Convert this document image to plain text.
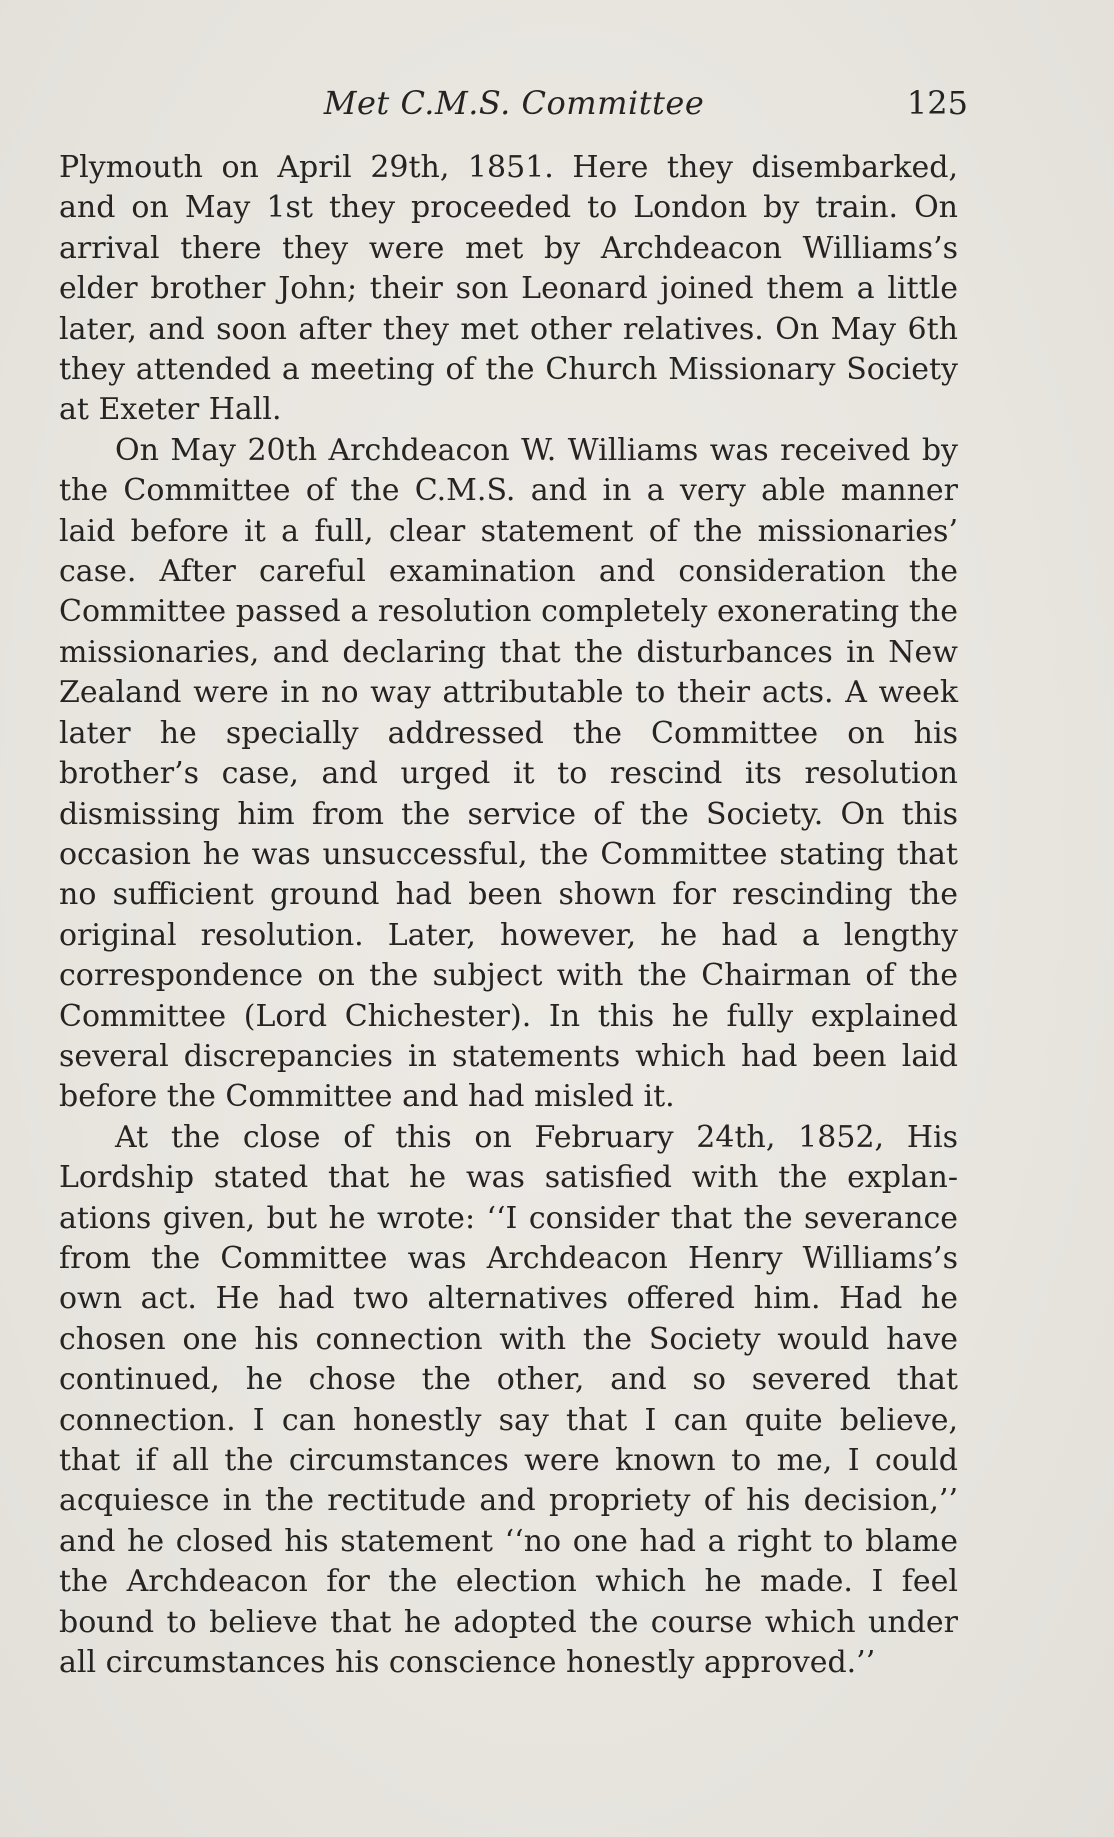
Met C.M.S. Committee	125

Plymouth on April 29th, 1851. Here they disembarked, and on May 1st they proceeded to London by train. On arrival there they were met by Archdeacon Williams’s elder brother John; their son Leonard joined them a little later, and soon after they met other relatives. On May 6th they attended a meeting of the Church Missionary Society at Exeter Hall.

On May 20th Archdeacon W. Williams was received by the Committee of the C.M.S. and in a very able manner laid before it a full, clear statement of the missionaries’ case. After careful examination and consideration the Committee passed a resolution completely exonerating the missionaries, and declaring that the disturbances in New Zealand were in no way attributable to their acts. A week later he specially addressed the Committee on his brother’s case, and urged it to rescind its resolution dismissing him from the service of the Society. On this occasion he was unsuccessful, the Committee stating that no sufficient ground had been shown for rescinding the original resolution. Later, however, he had a lengthy correspondence on the subject with the Chairman of the Committee (Lord Chichester). In this he fully explained several discrepancies in statements which had been laid before the Committee and had misled it.

At the close of this on February 24th, 1852, His Lordship stated that he was satisfied with the explanations given, but he wrote: ‘‘I consider that the severance from the Committee was Archdeacon Henry Williams’s own act. He had two alternatives offered him. Had he chosen one his connection with the Society would have continued, he chose the other, and so severed that connection. I can honestly say that I can quite believe, that if all the circumstances were known to me, I could acquiesce in the rectitude and propriety of his decision,’’ and he closed his statement ‘‘no one had a right to blame the Archdeacon for the election which he made. I feel bound to believe that he adopted the course which under all circumstances his conscience honestly approved.’’
